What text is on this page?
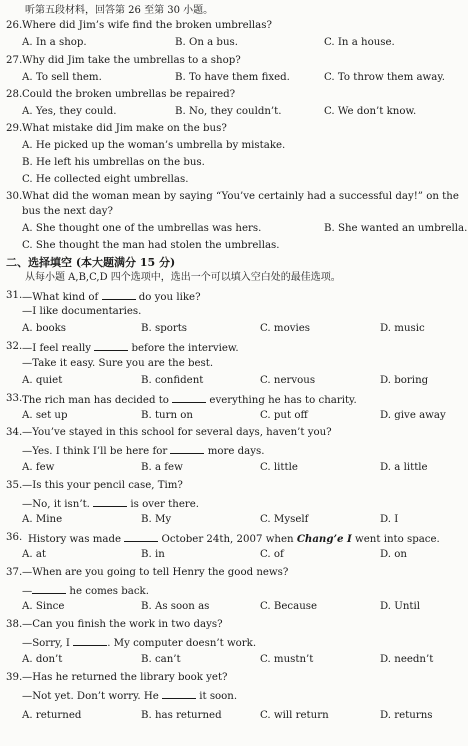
听第五段材料，回答第 26 至第 30 小题。
26. Where did Jim’s wife find the broken umbrellas?
A. In a shop.	B. On a bus.	C. In a house.
27. Why did Jim take the umbrellas to a shop?
A. To sell them.	B. To have them fixed.	C. To throw them away.
28. Could the broken umbrellas be repaired?
A. Yes, they could.	B. No, they couldn’t.	C. We don’t know.
29. What mistake did Jim make on the bus?
A. He picked up the woman’s umbrella by mistake.
B. He left his umbrellas on the bus.
C. He collected eight umbrellas.
30. What did the woman mean by saying “You’ve certainly had a successful day!” on the
bus the next day?
A. She thought one of the umbrellas was hers.	B. She wanted an umbrella.
C. She thought the man had stolen the umbrellas.
二、选择填空 (本大题满分 15 分)
从每小题 A,B,C,D 四个选项中，选出一个可以填入空白处的最佳选项。
31. —What kind of	do you like?
—I like documentaries.
A. books	B. sports	C. movies	D. music
32. —I feel really	before the interview.
—Take it easy. Sure you are the best.
A. quiet	B. confident	C. nervous	D. boring
33. The rich man has decided to	everything he has to charity.
A. set up	B. turn on	C. put off	D. give away
34. —You’ve stayed in this school for several days, haven’t you?
—Yes. I think I’ll be here for	more days.
A. few	B. a few	C. little	D. a little
35. —Is this your pencil case, Tim?
—No, it isn’t.	is over there.
A. Mine	B. My	C. Myself	D. I
36. History was made	October 24th, 2007 when Chang’e I went into space.
A. at	B. in	C. of	D. on
37. —When are you going to tell Henry the good news?
—	he comes back.
A. Since	B. As soon as	C. Because	D. Until
38. —Can you finish the work in two days?
—Sorry, I	. My computer doesn’t work.
A. don’t	B. can’t	C. mustn’t	D. needn’t
39. —Has he returned the library book yet?
—Not yet. Don’t worry. He	it soon.
A. returned	B. has returned	C. will return	D. returns
